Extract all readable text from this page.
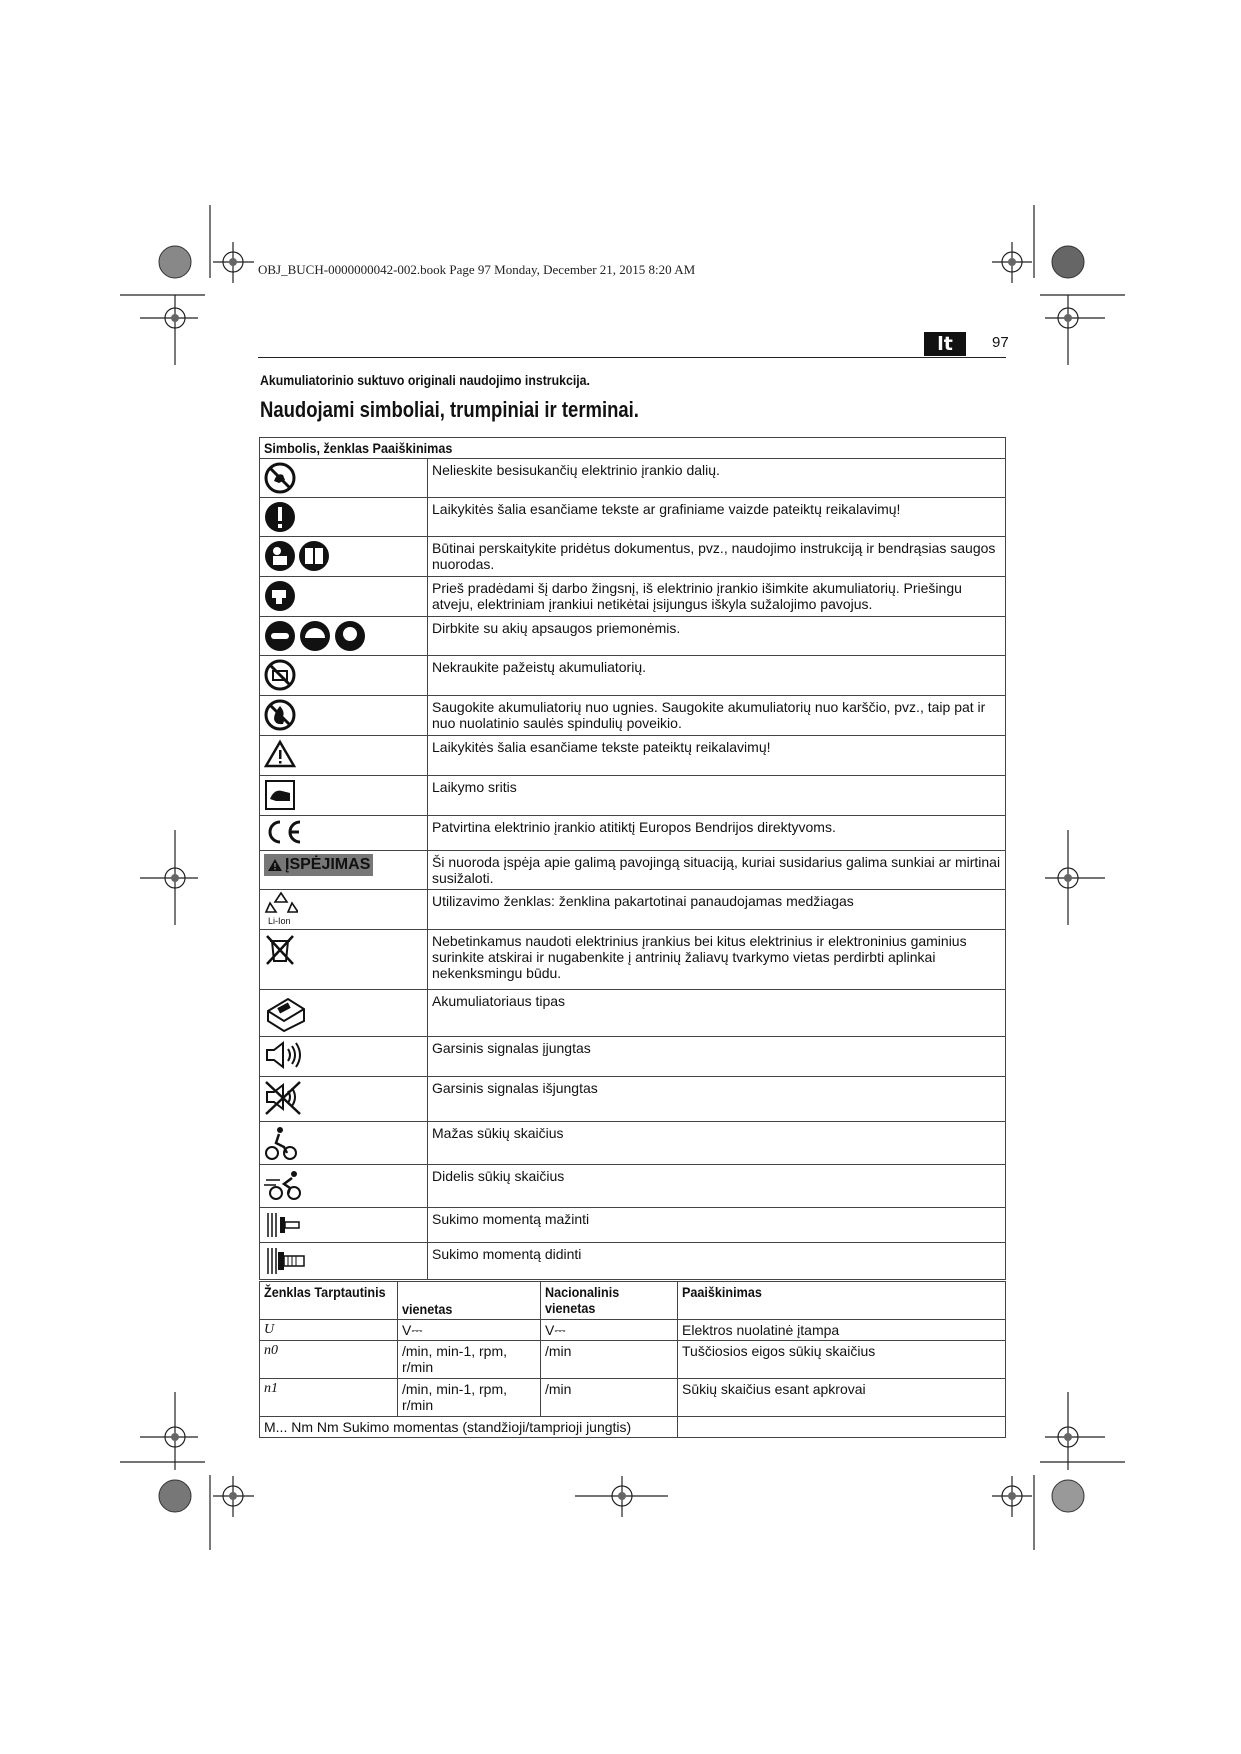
OBJ_BUCH-0000000042-002.book Page 97 Monday, December 21, 2015 8:20 AM
lt	97
Akumuliatorinio suktuvo originali naudojimo instrukcija.
Naudojami simboliai, trumpiniai ir terminai.
Simbolis, ženklas Paaiškinimas	

	Nelieskite besisukančių elektrinio įrankio dalių.

	Laikykitės šalia esančiame tekste ar grafiniame vaizde pateiktų reikalavimų!

	Būtinai perskaitykite pridėtus dokumentus, pvz., naudojimo instrukciją ir bendrąsias saugos nuorodas.

	Prieš pradėdami šį darbo žingsnį, iš elektrinio įrankio išimkite akumuliatorių. Priešingu atveju, elektriniam įrankiui netikėtai įsijungus iškyla sužalojimo pavojus.

	Dirbkite su akių apsaugos priemonėmis.

	Nekraukite pažeistų akumuliatorių.

	Saugokite akumuliatorių nuo ugnies. Saugokite akumuliatorių nuo karščio, pvz., taip pat ir nuo nuolatinio saulės spindulių poveikio.

	Laikykitės šalia esančiame tekste pateiktų reikalavimų!

	Laikymo sritis

	Patvirtina elektrinio įrankio atitiktį Europos Bendrijos direktyvoms.

ĮSPĖJIMAS	Ši nuoroda įspėja apie galimą pavojingą situaciją, kuriai susidarius galima sunkiai ar mirtinai susižaloti.

Li-Ion	Utilizavimo ženklas: ženklina pakartotinai panaudojamas medžiagas

	Nebetinkamus naudoti elektrinius įrankius bei kitus elektrinius ir elektroninius gaminius surinkite atskirai ir nugabenkite į antrinių žaliavų tvarkymo vietas perdirbti aplinkai nekenksmingu būdu.

	Akumuliatoriaus tipas

	Garsinis signalas įjungtas

	Garsinis signalas išjungtas

	Mažas sūkių skaičius

	Didelis sūkių skaičius

	Sukimo momentą mažinti

	Sukimo momentą didinti
Ženklas Tarptautinis	vienetas	Nacionalinis vienetas	Paaiškinimas
U	V⎓	V⎓	Elektros nuolatinė įtampa
n0	/min, min-1, rpm, r/min	/min	Tuščiosios eigos sūkių skaičius
n1	/min, min-1, rpm, r/min	/min	Sūkių skaičius esant apkrovai
M... Nm Nm Sukimo momentas (standžioji/tamprioji jungtis)			
